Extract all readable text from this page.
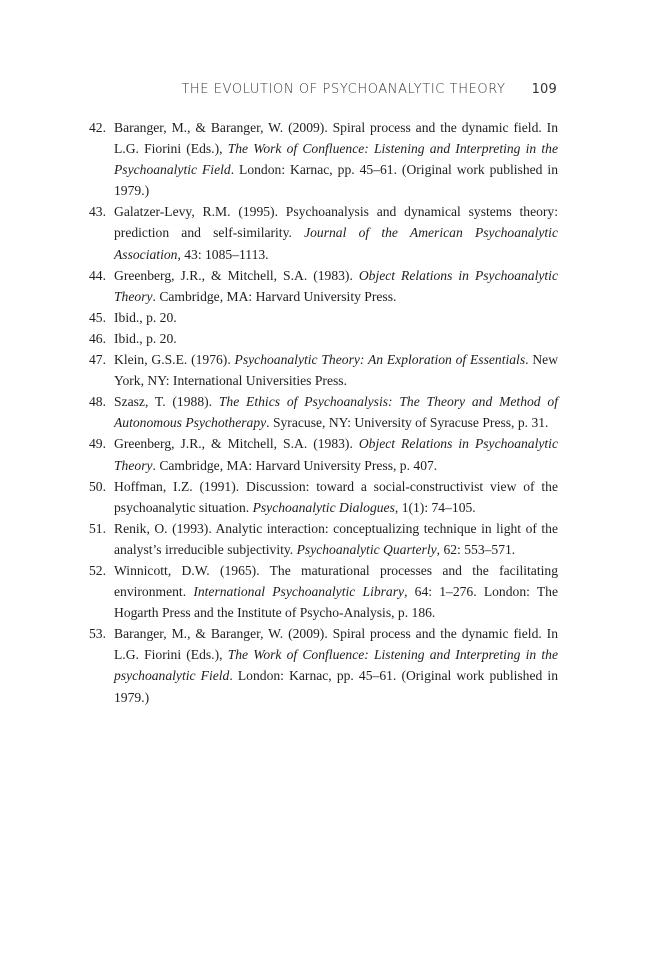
THE EVOLUTION OF PSYCHOANALYTIC THEORY 109
42. Baranger, M., & Baranger, W. (2009). Spiral process and the dynamic field. In L.G. Fiorini (Eds.), The Work of Confluence: Listening and Interpreting in the Psychoanalytic Field. London: Karnac, pp. 45–61. (Original work published in 1979.)
43. Galatzer-Levy, R.M. (1995). Psychoanalysis and dynamical systems theory: prediction and self-similarity. Journal of the American Psychoanalytic Association, 43: 1085–1113.
44. Greenberg, J.R., & Mitchell, S.A. (1983). Object Relations in Psychoanalytic Theory. Cambridge, MA: Harvard University Press.
45. Ibid., p. 20.
46. Ibid., p. 20.
47. Klein, G.S.E. (1976). Psychoanalytic Theory: An Exploration of Essentials. New York, NY: International Universities Press.
48. Szasz, T. (1988). The Ethics of Psychoanalysis: The Theory and Method of Autonomous Psychotherapy. Syracuse, NY: University of Syracuse Press, p. 31.
49. Greenberg, J.R., & Mitchell, S.A. (1983). Object Relations in Psychoanalytic Theory. Cambridge, MA: Harvard University Press, p. 407.
50. Hoffman, I.Z. (1991). Discussion: toward a social-constructivist view of the psychoanalytic situation. Psychoanalytic Dialogues, 1(1): 74–105.
51. Renik, O. (1993). Analytic interaction: conceptualizing technique in light of the analyst’s irreducible subjectivity. Psychoanalytic Quarterly, 62: 553–571.
52. Winnicott, D.W. (1965). The maturational processes and the facilitating environment. International Psychoanalytic Library, 64: 1–276. London: The Hogarth Press and the Institute of Psycho-Analysis, p. 186.
53. Baranger, M., & Baranger, W. (2009). Spiral process and the dynamic field. In L.G. Fiorini (Eds.), The Work of Confluence: Listening and Interpreting in the psychoanalytic Field. London: Karnac, pp. 45–61. (Original work published in 1979.)
